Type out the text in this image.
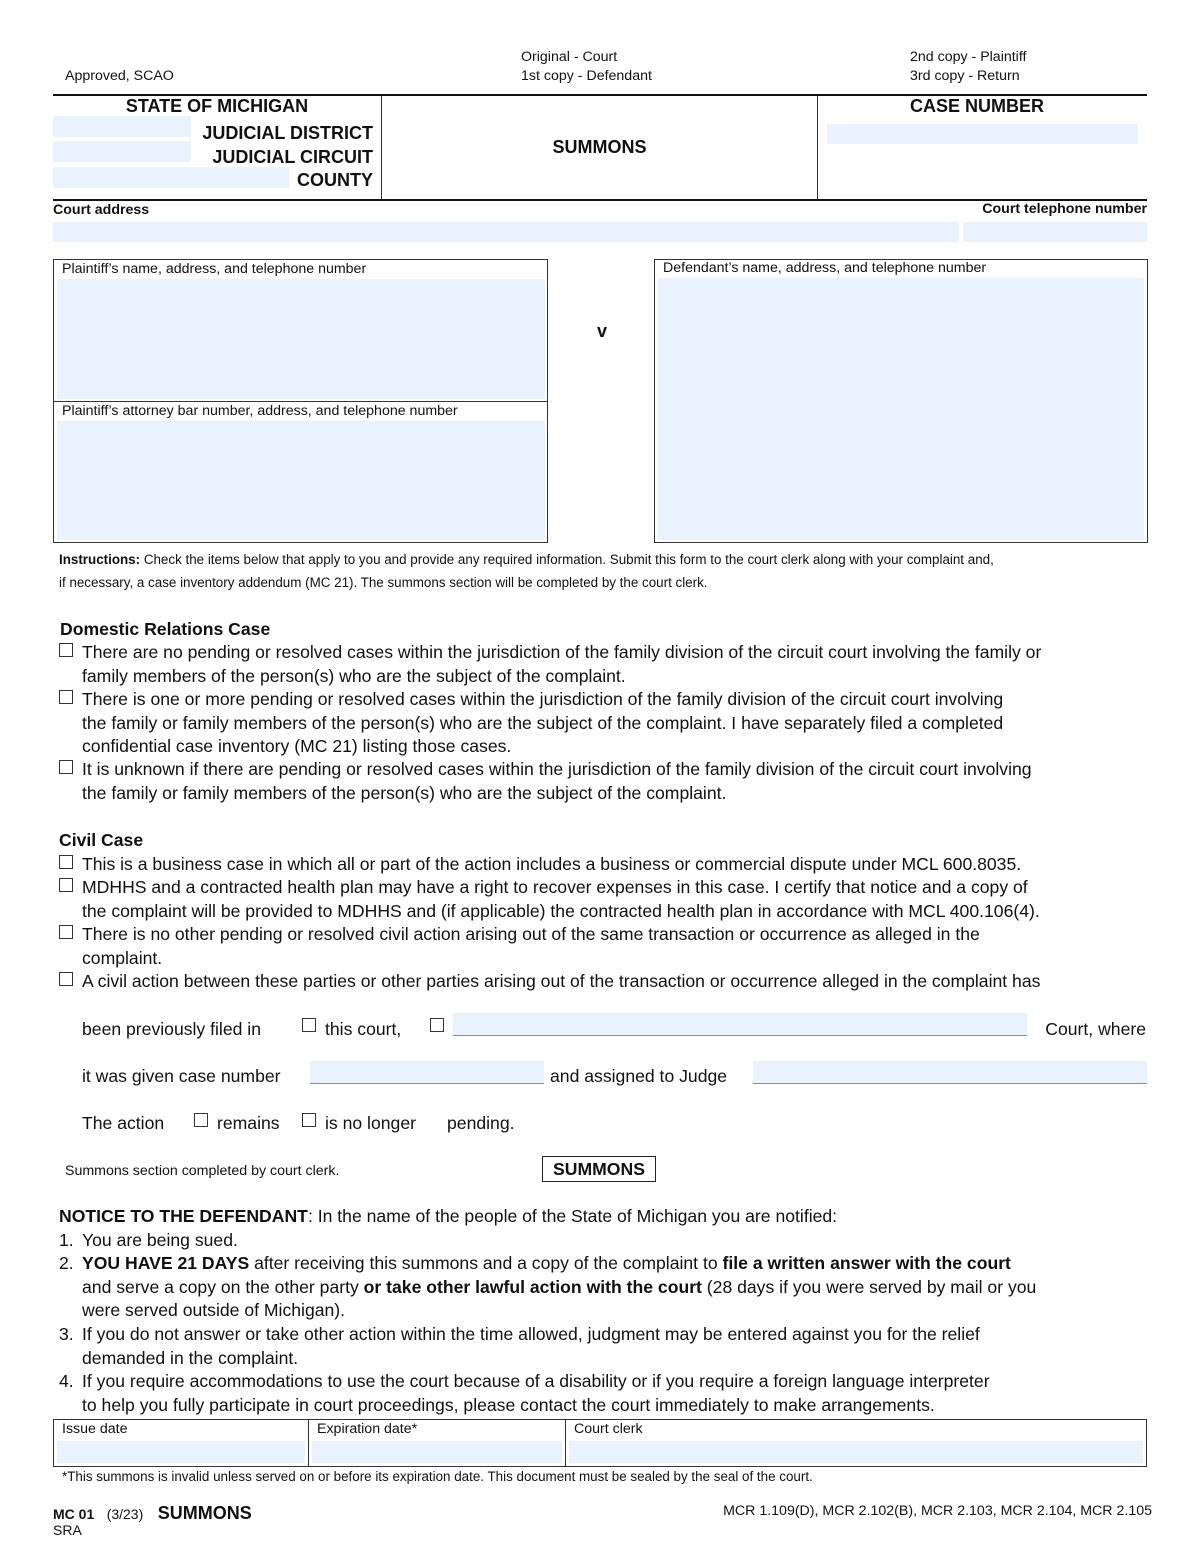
Approved, SCAO
Original - Court
1st copy - Defendant
2nd copy - Plaintiff
3rd copy - Return
STATE OF MICHIGAN
JUDICIAL DISTRICT
JUDICIAL CIRCUIT
COUNTY
SUMMONS
CASE NUMBER
Court address	Court telephone number
Plaintiff’s name, address, and telephone number
Plaintiff’s attorney bar number, address, and telephone number
v
Defendant’s name, address, and telephone number
Instructions: Check the items below that apply to you and provide any required information. Submit this form to the court clerk along with your complaint and,
if necessary, a case inventory addendum (MC 21). The summons section will be completed by the court clerk.
Domestic Relations Case
There are no pending or resolved cases within the jurisdiction of the family division of the circuit court involving the family or
family members of the person(s) who are the subject of the complaint.
There is one or more pending or resolved cases within the jurisdiction of the family division of the circuit court involving
the family or family members of the person(s) who are the subject of the complaint. I have separately filed a completed
confidential case inventory (MC 21) listing those cases.
It is unknown if there are pending or resolved cases within the jurisdiction of the family division of the circuit court involving
the family or family members of the person(s) who are the subject of the complaint.
Civil Case
This is a business case in which all or part of the action includes a business or commercial dispute under MCL 600.8035.
MDHHS and a contracted health plan may have a right to recover expenses in this case. I certify that notice and a copy of
the complaint will be provided to MDHHS and (if applicable) the contracted health plan in accordance with MCL 400.106(4).
There is no other pending or resolved civil action arising out of the same transaction or occurrence as alleged in the
complaint.
A civil action between these parties or other parties arising out of the transaction or occurrence alleged in the complaint has
been previously filed in	this court,	Court, where
it was given case number	and assigned to Judge
The action	remains	is no longer pending.
Summons section completed by court clerk.	SUMMONS
NOTICE TO THE DEFENDANT: In the name of the people of the State of Michigan you are notified:
1. You are being sued.
2. YOU HAVE 21 DAYS after receiving this summons and a copy of the complaint to file a written answer with the court
and serve a copy on the other party or take other lawful action with the court (28 days if you were served by mail or you
were served outside of Michigan).
3. If you do not answer or take other action within the time allowed, judgment may be entered against you for the relief
demanded in the complaint.
4. If you require accommodations to use the court because of a disability or if you require a foreign language interpreter
to help you fully participate in court proceedings, please contact the court immediately to make arrangements.
Issue date	Expiration date*	Court clerk
*This summons is invalid unless served on or before its expiration date. This document must be sealed by the seal of the court.
MC 01 (3/23) SUMMONS
SRA
MCR 1.109(D), MCR 2.102(B), MCR 2.103, MCR 2.104, MCR 2.105
